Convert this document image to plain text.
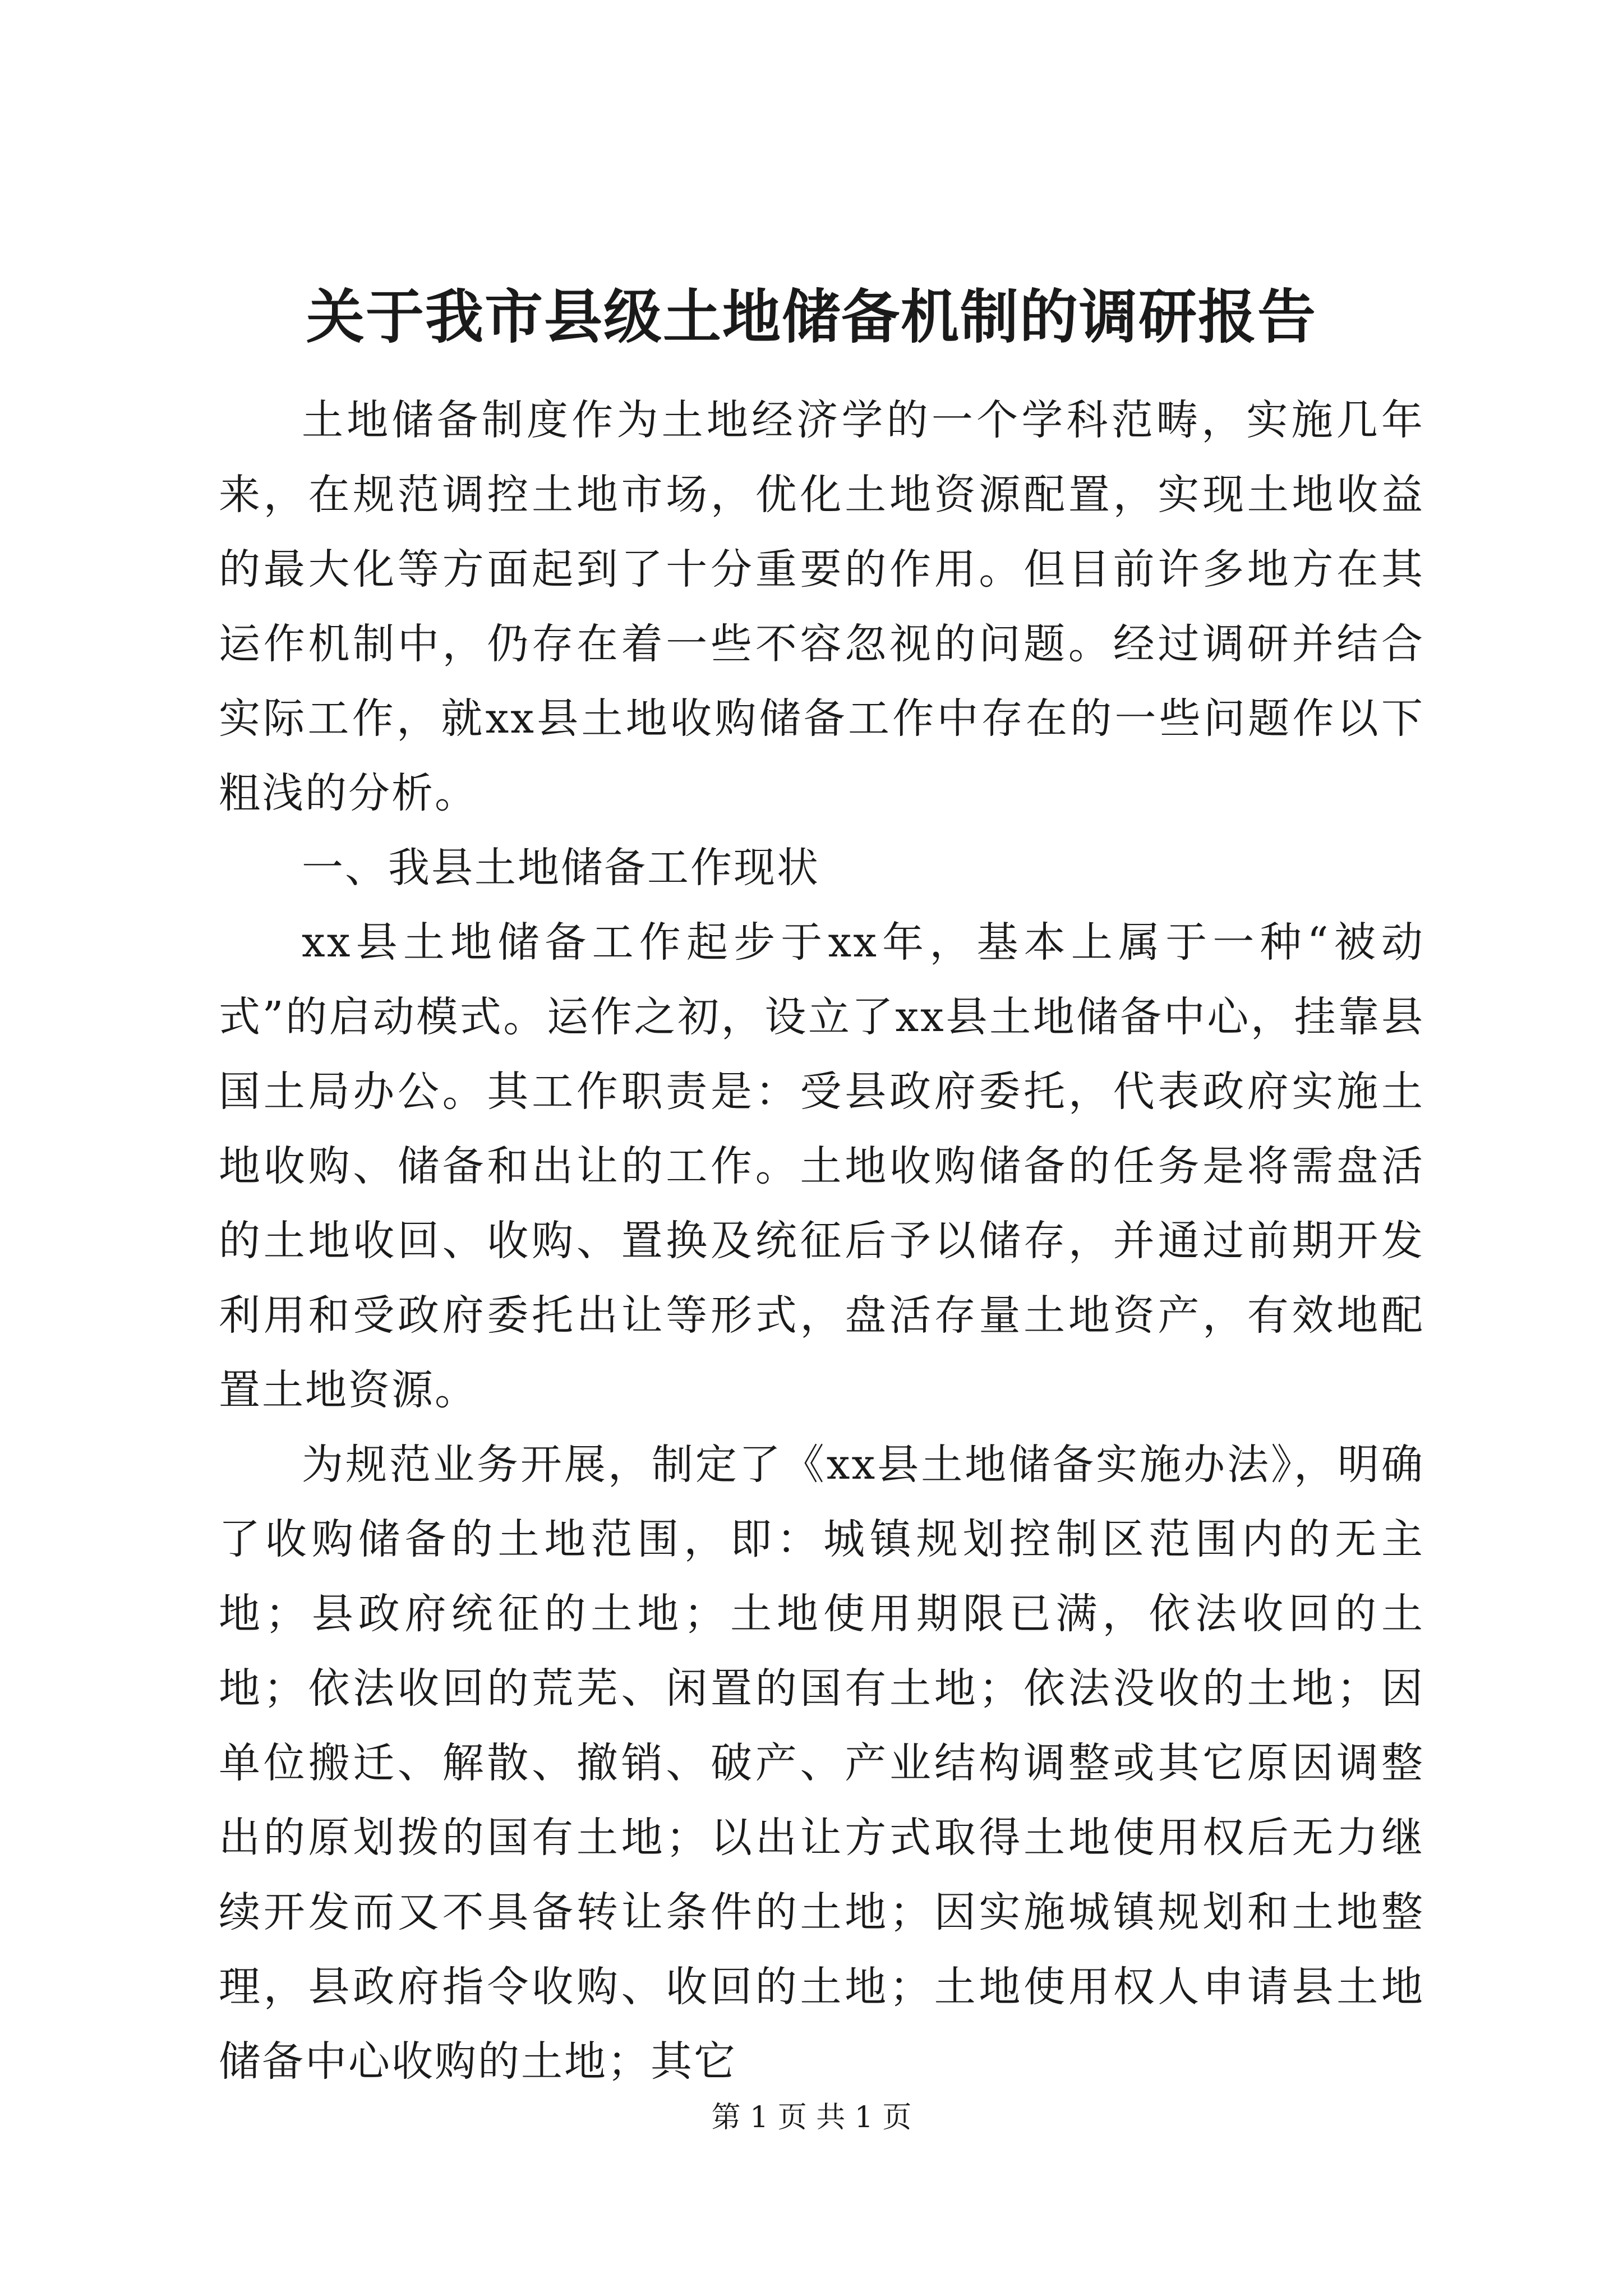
关于我市县级土地储备机制的调研报告

土地储备制度作为土地经济学的一个学科范畴，实施几年来，在规范调控土地市场，优化土地资源配置，实现土地收益的最大化等方面起到了十分重要的作用。但目前许多地方在其运作机制中，仍存在着一些不容忽视的问题。经过调研并结合实际工作，就xx县土地收购储备工作中存在的一些问题作以下粗浅的分析。

一、我县土地储备工作现状

xx县土地储备工作起步于xx年，基本上属于一种“被动式”的启动模式。运作之初，设立了xx县土地储备中心，挂靠县国土局办公。其工作职责是：受县政府委托，代表政府实施土地收购、储备和出让的工作。土地收购储备的任务是将需盘活的土地收回、收购、置换及统征后予以储存，并通过前期开发利用和受政府委托出让等形式，盘活存量土地资产，有效地配置土地资源。

为规范业务开展，制定了《xx县土地储备实施办法》，明确了收购储备的土地范围，即：城镇规划控制区范围内的无主地；县政府统征的土地；土地使用期限已满，依法收回的土地；依法收回的荒芜、闲置的国有土地；依法没收的土地；因单位搬迁、解散、撤销、破产、产业结构调整或其它原因调整出的原划拨的国有土地；以出让方式取得土地使用权后无力继续开发而又不具备转让条件的土地；因实施城镇规划和土地整理，县政府指令收购、收回的土地；土地使用权人申请县土地储备中心收购的土地；其它

第 1 页 共 1 页
